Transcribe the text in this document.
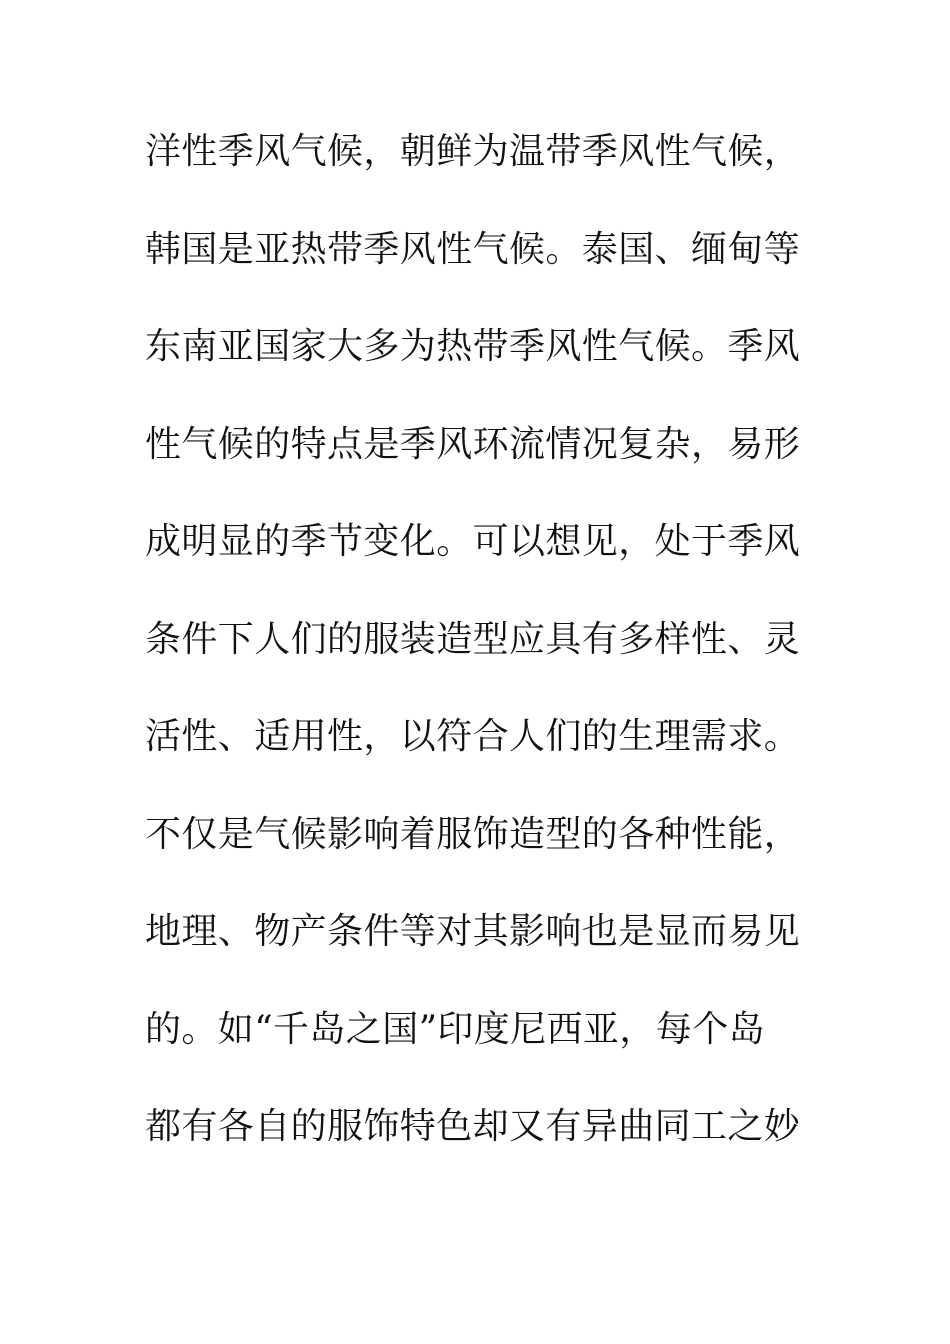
洋性季风气候，朝鲜为温带季风性气候，
韩国是亚热带季风性气候。泰国、缅甸等
东南亚国家大多为热带季风性气候。季风
性气候的特点是季风环流情况复杂，易形
成明显的季节变化。可以想见，处于季风
条件下人们的服装造型应具有多样性、灵
活性、适用性，以符合人们的生理需求。
不仅是气候影响着服饰造型的各种性能，
地理、物产条件等对其影响也是显而易见
的。如“千岛之国”印度尼西亚，每个岛
都有各自的服饰特色却又有异曲同工之妙
